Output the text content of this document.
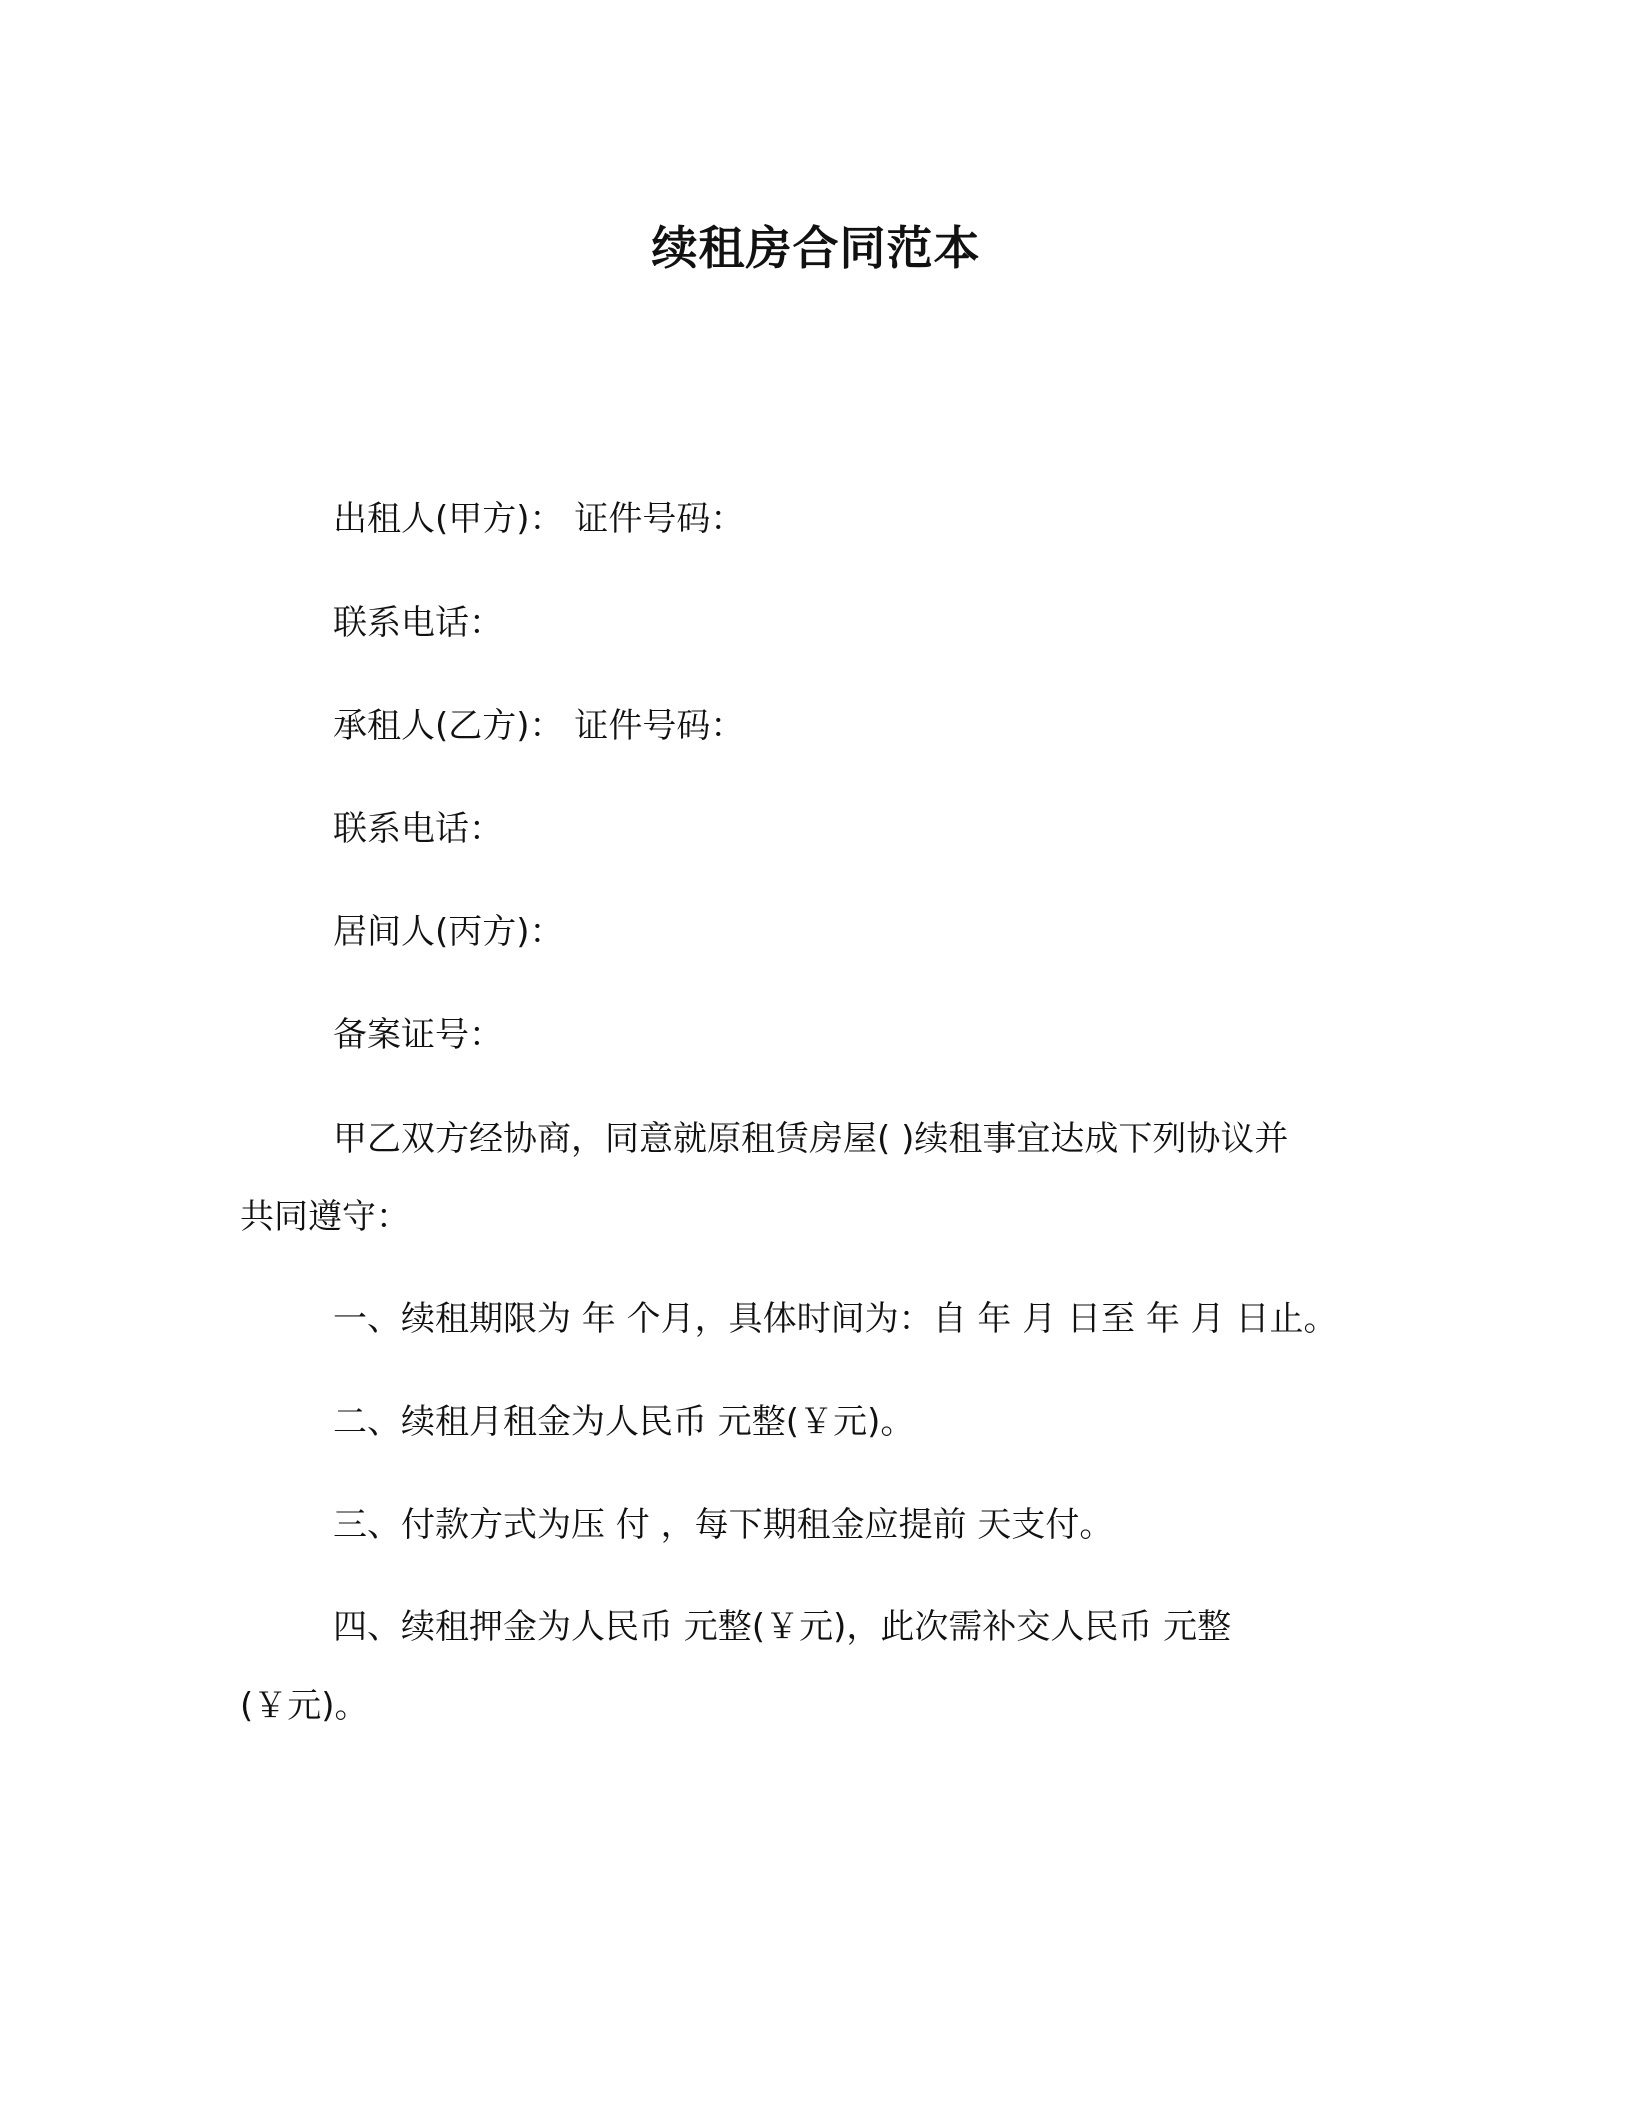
续租房合同范本
出租人(甲方)： 证件号码：
联系电话：
承租人(乙方)： 证件号码：
联系电话：
居间人(丙方)：
备案证号：
甲乙双方经协商，同意就原租赁房屋( )续租事宜达成下列协议并
共同遵守：
一、续租期限为 年 个月，具体时间为：自 年 月 日至 年 月 日止。
二、续租月租金为人民币 元整(￥元)。
三、付款方式为压 付 ，每下期租金应提前 天支付。
四、续租押金为人民币 元整(￥元)，此次需补交人民币 元整
(￥元)。
